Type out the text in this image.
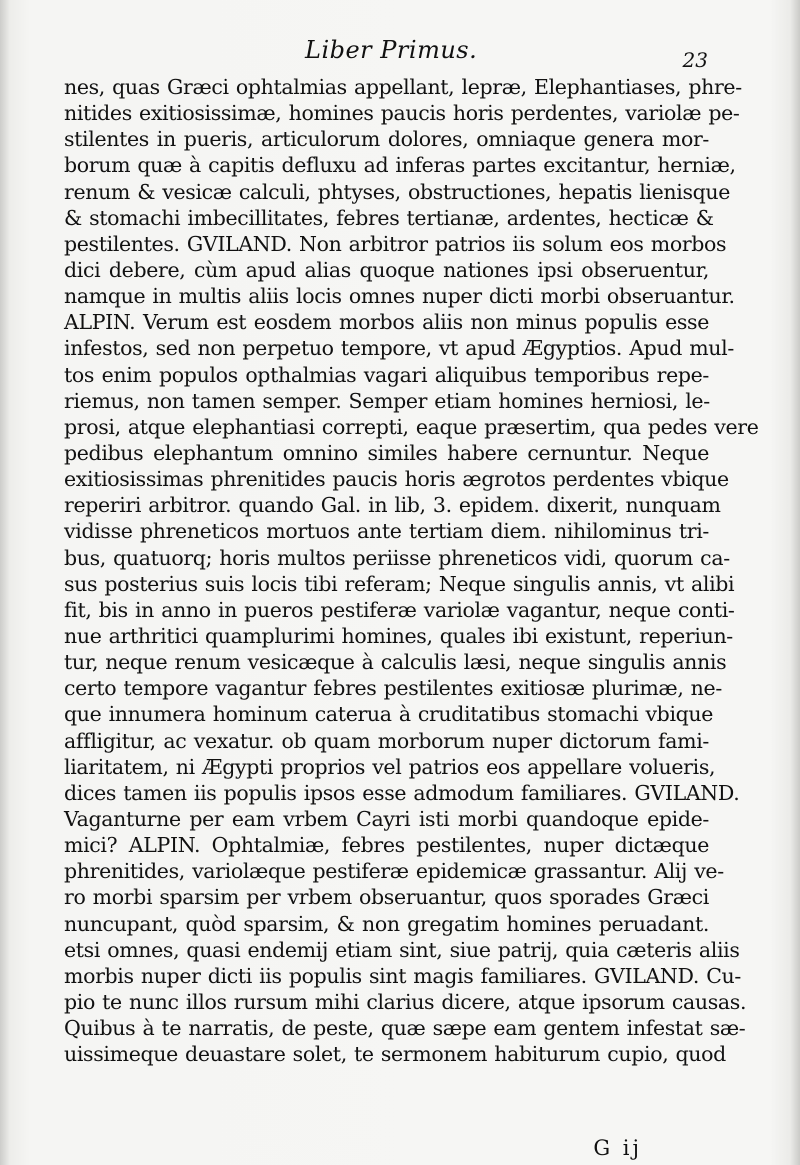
Liber Primus.	23
nes, quas Græci ophtalmias appellant, lepræ, Elephantiases, phre-
nitides exitiosissimæ, homines paucis horis perdentes, variolæ pe-
stilentes in pueris, articulorum dolores, omniaque genera mor-
borum quæ à capitis defluxu ad inferas partes excitantur, herniæ,
renum & vesicæ calculi, phtyses, obstructiones, hepatis lienisque
& stomachi imbecillitates, febres tertianæ, ardentes, hecticæ &
pestilentes. GVILAND. Non arbitror patrios iis solum eos morbos
dici debere, cùm apud alias quoque nationes ipsi obseruentur,
namque in multis aliis locis omnes nuper dicti morbi obseruantur.
ALPIN. Verum est eosdem morbos aliis non minus populis esse
infestos, sed non perpetuo tempore, vt apud Ægyptios. Apud mul-
tos enim populos opthalmias vagari aliquibus temporibus repe-
riemus, non tamen semper. Semper etiam homines herniosi, le-
prosi, atque elephantiasi correpti, eaque præsertim, qua pedes vere
pedibus elephantum omnino similes habere cernuntur. Neque
exitiosissimas phrenitides paucis horis ægrotos perdentes vbique
reperiri arbitror. quando Gal. in lib, 3. epidem. dixerit, nunquam
vidisse phreneticos mortuos ante tertiam diem. nihilominus tri-
bus, quatuorq; horis multos periisse phreneticos vidi, quorum ca-
sus posterius suis locis tibi referam; Neque singulis annis, vt alibi
fit, bis in anno in pueros pestiferæ variolæ vagantur, neque conti-
nue arthritici quamplurimi homines, quales ibi existunt, reperiun-
tur, neque renum vesicæque à calculis læsi, neque singulis annis
certo tempore vagantur febres pestilentes exitiosæ plurimæ, ne-
que innumera hominum caterua à cruditatibus stomachi vbique
affligitur, ac vexatur. ob quam morborum nuper dictorum fami-
liaritatem, ni Ægypti proprios vel patrios eos appellare volueris,
dices tamen iis populis ipsos esse admodum familiares. GVILAND.
Vaganturne per eam vrbem Cayri isti morbi quandoque epide-
mici? ALPIN. Ophtalmiæ, febres pestilentes, nuper dictæque
phrenitides, variolæque pestiferæ epidemicæ grassantur. Alij ve-
ro morbi sparsim per vrbem obseruantur, quos sporades Græci
nuncupant, quòd sparsim, & non gregatim homines peruadant.
etsi omnes, quasi endemij etiam sint, siue patrij, quia cæteris aliis
morbis nuper dicti iis populis sint magis familiares. GVILAND. Cu-
pio te nunc illos rursum mihi clarius dicere, atque ipsorum causas.
Quibus à te narratis, de peste, quæ sæpe eam gentem infestat sæ-
uissimeque deuastare solet, te sermonem habiturum cupio, quod
G ij
